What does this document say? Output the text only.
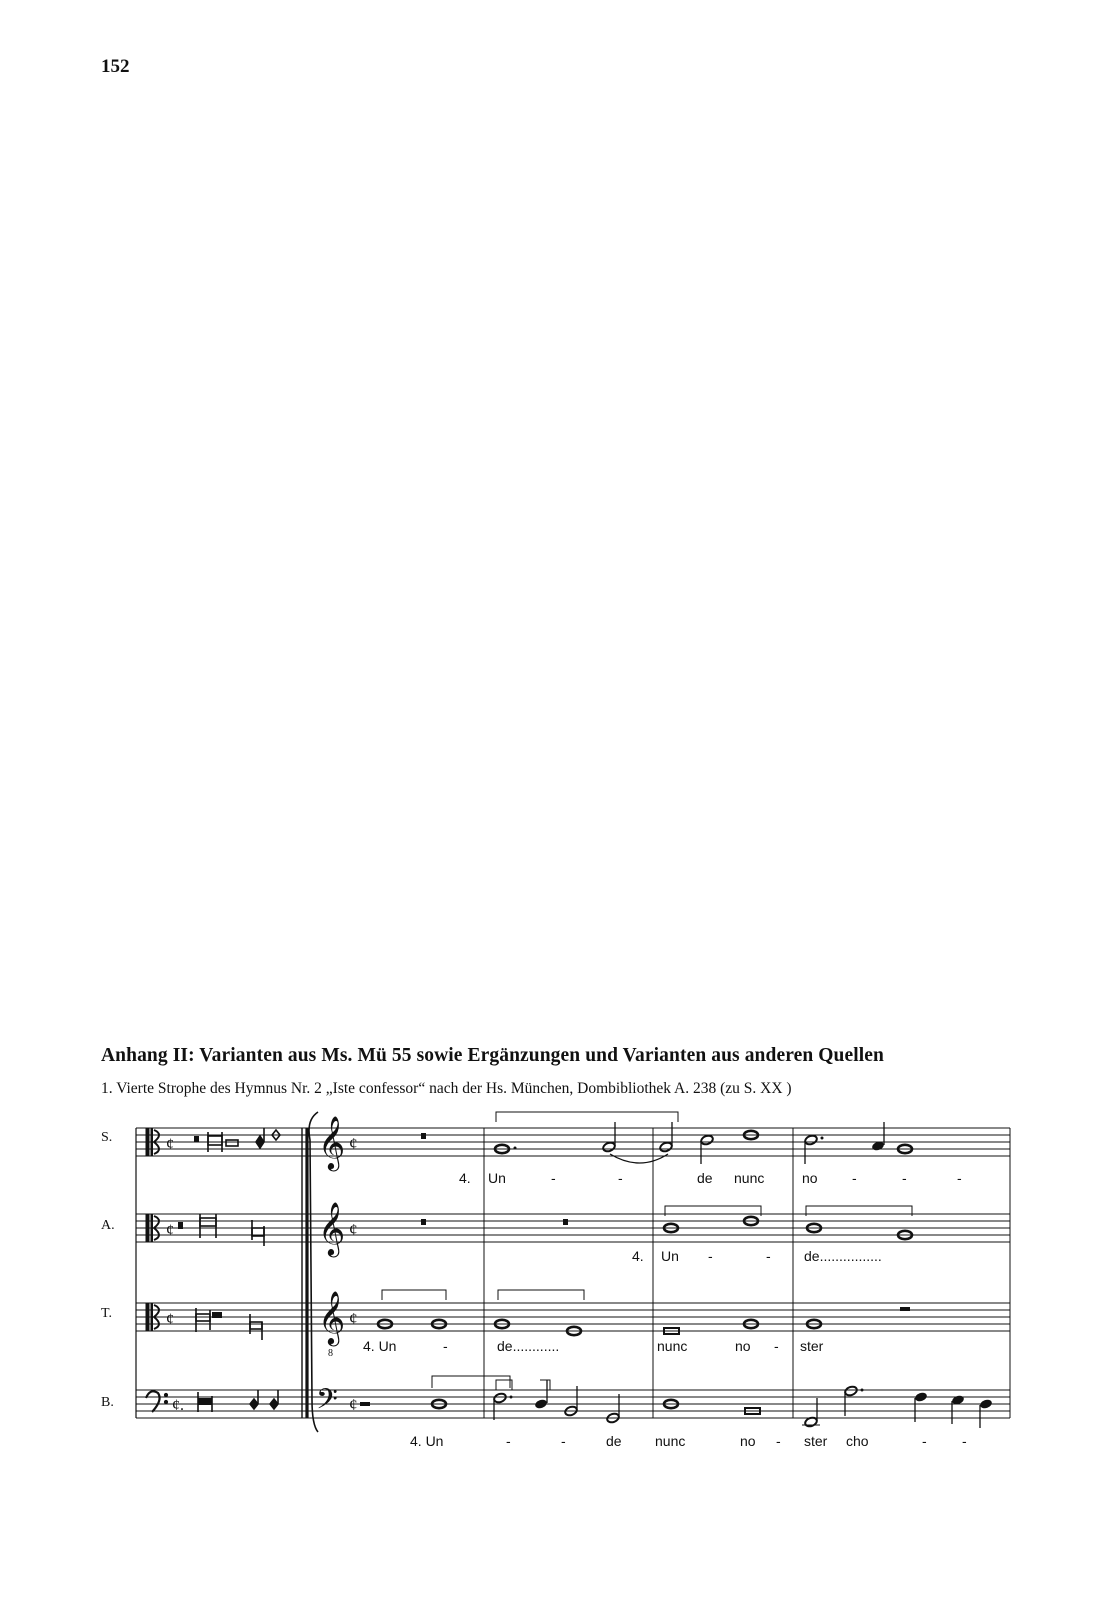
152
Anhang II: Varianten aus Ms. Mü 55 sowie Ergänzungen und Varianten aus anderen Quellen
1. Vierte Strophe des Hymnus Nr. 2 „Iste confessor“ nach der Hs. München, Dombibliothek A. 238 (zu S. XX )
S.
A.
T.
B.
¢
¢
¢
¢.
𝄞
𝄞
𝄞
8
𝄢
¢
¢
¢
¢
4. Un	-	-	de nunc	no -	-	-
4. Un -	- de................
4. Un	-	de............	nunc	no - ster
4. Un	-	-	de nunc	no - ster cho	-	-
